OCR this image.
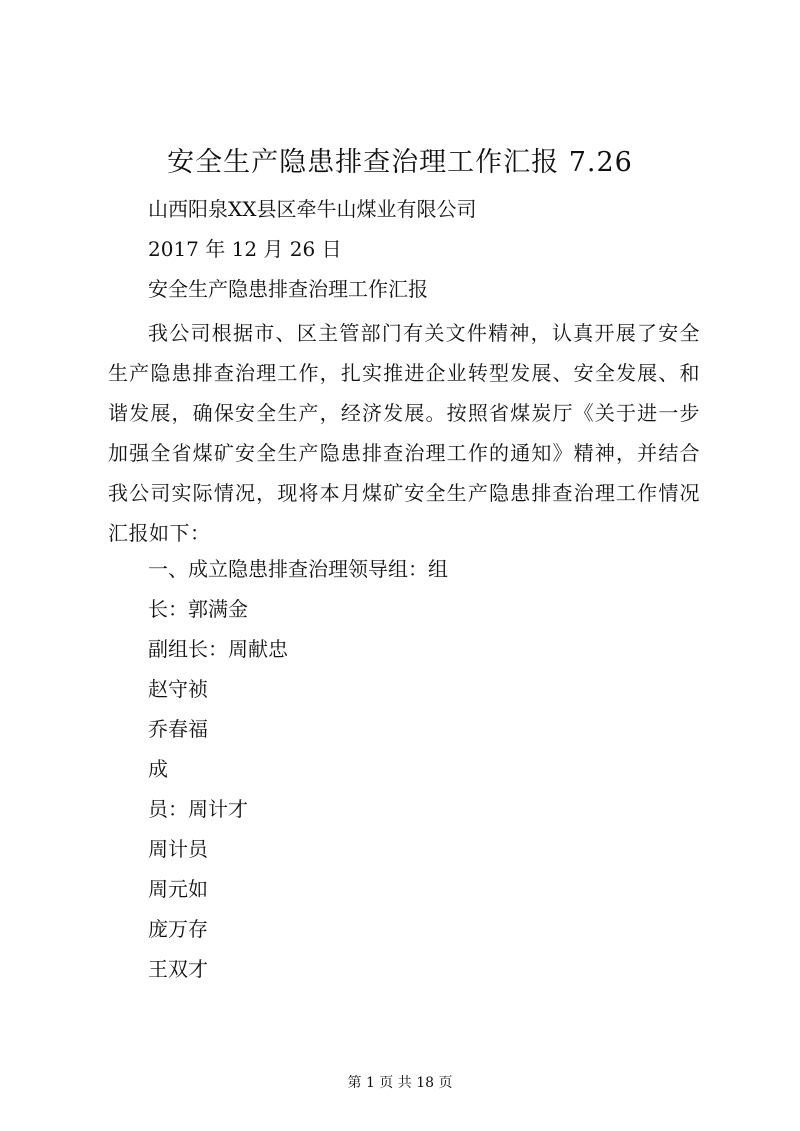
安全生产隐患排查治理工作汇报 7.26

山西阳泉XX县区牵牛山煤业有限公司

2017 年 12 月 26 日

安全生产隐患排查治理工作汇报

我公司根据市、区主管部门有关文件精神，认真开展了安全生产隐患排查治理工作，扎实推进企业转型发展、安全发展、和谐发展，确保安全生产，经济发展。按照省煤炭厅《关于进一步加强全省煤矿安全生产隐患排查治理工作的通知》精神，并结合我公司实际情况，现将本月煤矿安全生产隐患排查治理工作情况汇报如下：

一、成立隐患排查治理领导组：组

长：郭满金

副组长：周献忠

赵守祯

乔春福

成

员：周计才

周计员

周元如

庞万存

王双才

第 1 页 共 18 页
